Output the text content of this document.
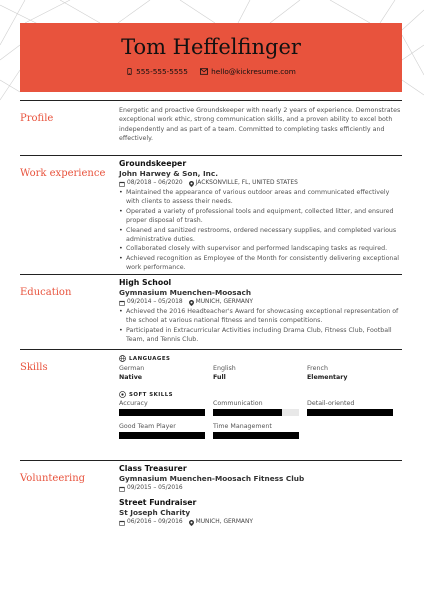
Tom Heffelfinger
555-555-5555
	hello@kickresume.com
Profile

Energetic and proactive Groundskeeper with nearly 2 years of experience. Demonstrates exceptional work ethic, strong communication skills, and a proven ability to excel both independently and as part of a team. Committed to completing tasks efficiently and effectively.

Work experience
Groundskeeper
John Harwey & Son, Inc.
08/2018 – 06/2020 JACKSONVILLE, FL, UNITED STATES
• Maintained the appearance of various outdoor areas and communicated effectively with clients to assess their needs.
• Operated a variety of professional tools and equipment, collected litter, and ensured proper disposal of trash.
• Cleaned and sanitized restrooms, ordered necessary supplies, and completed various administrative duties.
• Collaborated closely with supervisor and performed landscaping tasks as required.
• Achieved recognition as Employee of the Month for consistently delivering exceptional work performance.
Education
High School
Gymnasium Muenchen-Moosach
09/2014 – 05/2018 MUNICH, GERMANY
• Achieved the 2016 Headteacher's Award for showcasing exceptional representation of the school at various national fitness and tennis competitions.
• Participated in Extracurricular Activities including Drama Club, Fitness Club, Football Team, and Tennis Club.
Skills
LANGUAGES
German
Native
English
Full
French
Elementary
SOFT SKILLS
Accuracy	Communication	Detail-oriented
Good Team Player	Time Management
Volunteering
Class Treasurer
Gymnasium Muenchen-Moosach Fitness Club
09/2015 – 05/2016
Street Fundraiser
St Joseph Charity
06/2016 – 09/2016 MUNICH, GERMANY
